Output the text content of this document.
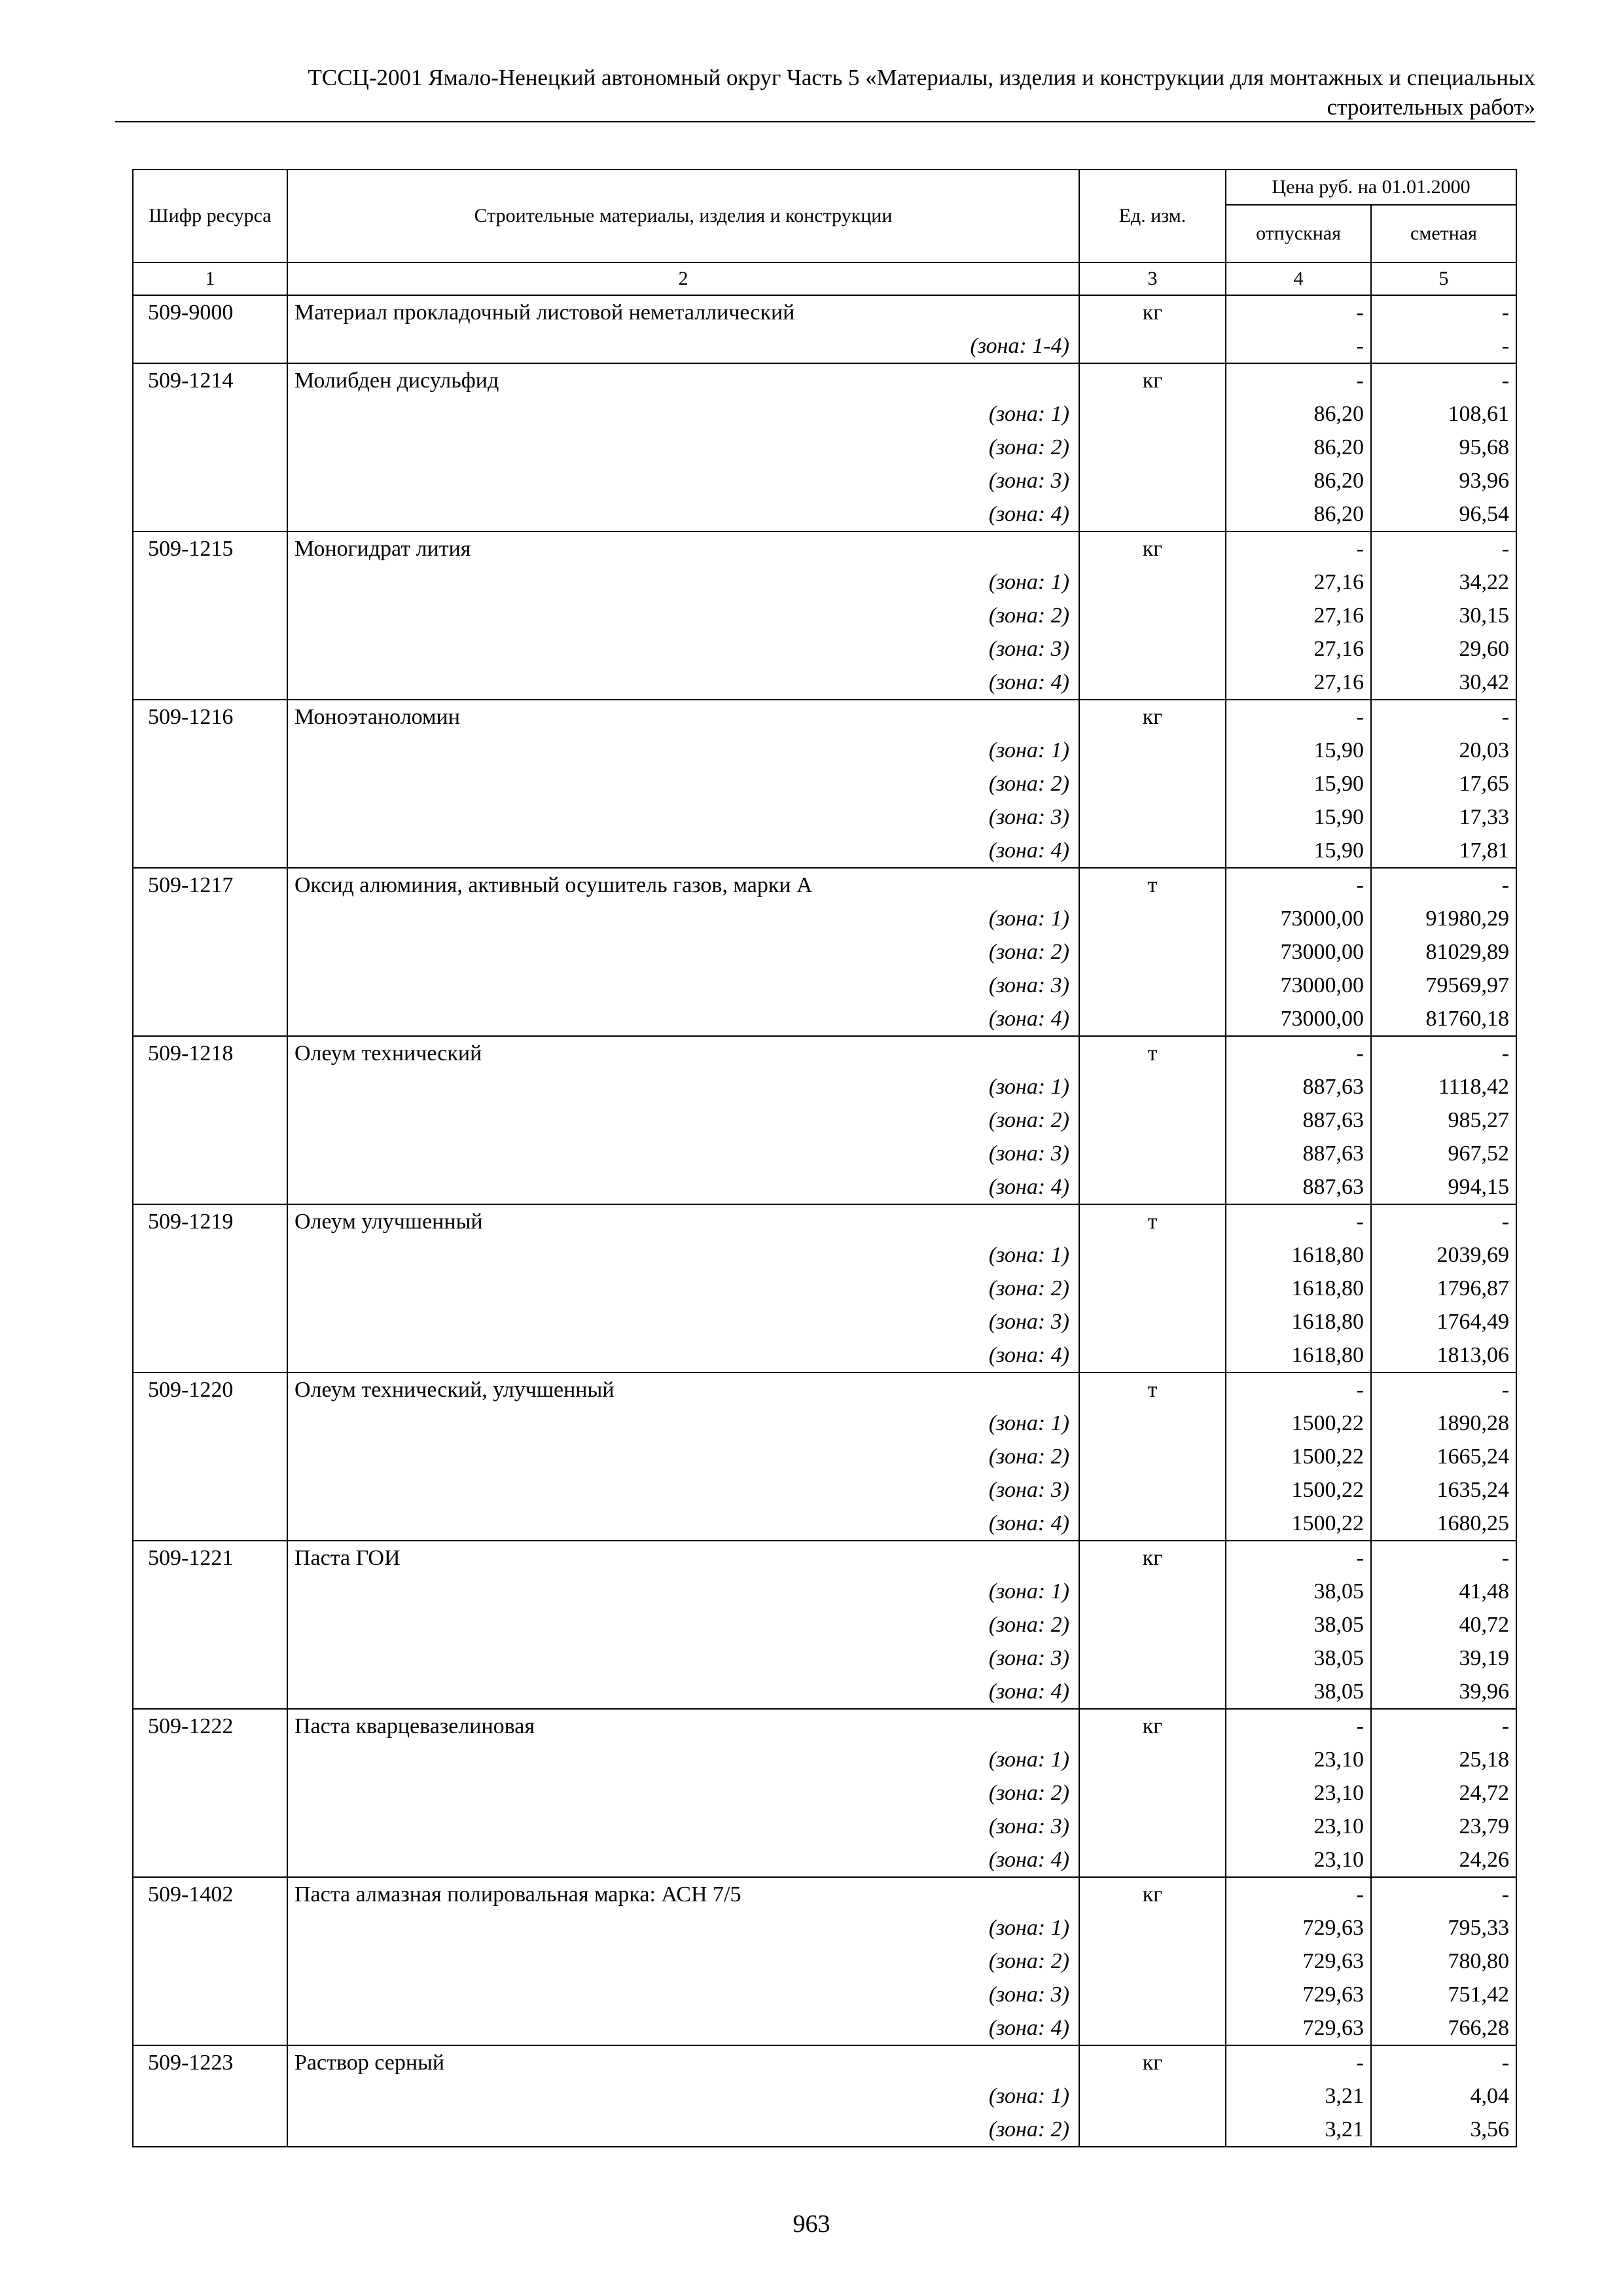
ТССЦ-2001 Ямало-Ненецкий автономный округ Часть 5 «Материалы, изделия и конструкции для монтажных и специальных
строительных работ»
Шифр ресурса	Строительные материалы, изделия и конструкции	Ед. изм.	Цена руб. на 01.01.2000	
			отпускная	сметная
1	2	3	4	5
509-9000	Материал прокладочный листовой неметаллический	кг	-	-
	(зона: 1-4)		-	-
509-1214	Молибден дисульфид	кг	-	-
	(зона: 1)		86,20	108,61
	(зона: 2)		86,20	95,68
	(зона: 3)		86,20	93,96
	(зона: 4)		86,20	96,54
509-1215	Моногидрат лития	кг	-	-
	(зона: 1)		27,16	34,22
	(зона: 2)		27,16	30,15
	(зона: 3)		27,16	29,60
	(зона: 4)		27,16	30,42
509-1216	Моноэтаноломин	кг	-	-
	(зона: 1)		15,90	20,03
	(зона: 2)		15,90	17,65
	(зона: 3)		15,90	17,33
	(зона: 4)		15,90	17,81
509-1217	Оксид алюминия, активный осушитель газов, марки А	т	-	-
	(зона: 1)		73000,00	91980,29
	(зона: 2)		73000,00	81029,89
	(зона: 3)		73000,00	79569,97
	(зона: 4)		73000,00	81760,18
509-1218	Олеум технический	т	-	-
	(зона: 1)		887,63	1118,42
	(зона: 2)		887,63	985,27
	(зона: 3)		887,63	967,52
	(зона: 4)		887,63	994,15
509-1219	Олеум улучшенный	т	-	-
	(зона: 1)		1618,80	2039,69
	(зона: 2)		1618,80	1796,87
	(зона: 3)		1618,80	1764,49
	(зона: 4)		1618,80	1813,06
509-1220	Олеум технический, улучшенный	т	-	-
	(зона: 1)		1500,22	1890,28
	(зона: 2)		1500,22	1665,24
	(зона: 3)		1500,22	1635,24
	(зона: 4)		1500,22	1680,25
509-1221	Паста ГОИ	кг	-	-
	(зона: 1)		38,05	41,48
	(зона: 2)		38,05	40,72
	(зона: 3)		38,05	39,19
	(зона: 4)		38,05	39,96
509-1222	Паста кварцевазелиновая	кг	-	-
	(зона: 1)		23,10	25,18
	(зона: 2)		23,10	24,72
	(зона: 3)		23,10	23,79
	(зона: 4)		23,10	24,26
509-1402	Паста алмазная полировальная марка: АСН 7/5	кг	-	-
	(зона: 1)		729,63	795,33
	(зона: 2)		729,63	780,80
	(зона: 3)		729,63	751,42
	(зона: 4)		729,63	766,28
509-1223	Раствор серный	кг	-	-
	(зона: 1)		3,21	4,04
	(зона: 2)		3,21	3,56
963
